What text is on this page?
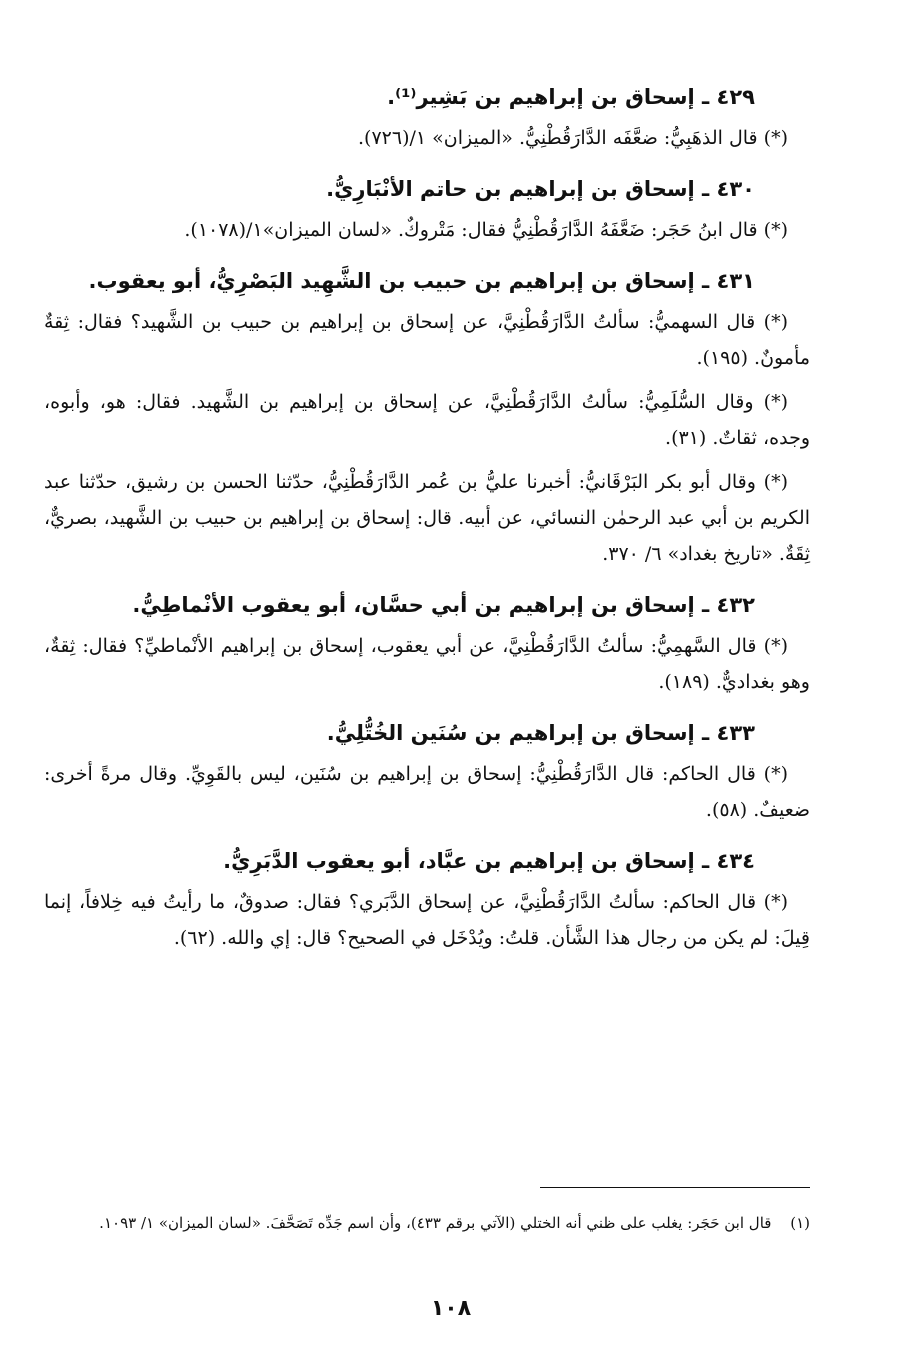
٤٢٩ ـ إسحاق بن إبراهيم بن بَشِير⁽¹⁾.

(*) قال الذهَبِيُّ: ضعَّفَه الدَّارَقُطْنِيُّ. «الميزان» ١/(٧٢٦).

٤٣٠ ـ إسحاق بن إبراهيم بن حاتم الأنْبَارِيُّ.

(*) قال ابنُ حَجَر: ضَعَّفَهُ الدَّارَقُطْنِيُّ فقال: مَتْروكٌ. «لسان الميزان»١/(١٠٧٨).

٤٣١ ـ إسحاق بن إبراهيم بن حبيب بن الشَّهِيد البَصْرِيُّ، أبو يعقوب.

(*) قال السهميُّ: سألتُ الدَّارَقُطْنِيَّ، عن إسحاق بن إبراهيم بن حبيب بن الشَّهيد؟ فقال: ثِقةٌ مأمونٌ. (١٩٥).

(*) وقال السُّلَمِيُّ: سألتُ الدَّارَقُطْنِيَّ، عن إسحاق بن إبراهيم بن الشَّهيد. فقال: هو، وأبوه، وجده، ثقاتٌ. (٣١).

(*) وقال أبو بكر البَرْقَانيُّ: أخبرنا عليُّ بن عُمر الدَّارَقُطْنِيُّ، حدّثنا الحسن بن رشيق، حدّثنا عبد الكريم بن أبي عبد الرحمٰن النسائي، عن أبيه. قال: إسحاق بن إبراهيم بن حبيب بن الشَّهيد، بصريٌّ، ثِقَةٌ. «تاريخ بغداد» ٦/ ٣٧٠.

٤٣٢ ـ إسحاق بن إبراهيم بن أبي حسَّان، أبو يعقوب الأنْماطِيُّ.

(*) قال السَّهمِيُّ: سألتُ الدَّارَقُطْنِيَّ، عن أبي يعقوب، إسحاق بن إبراهيم الأنْماطيِّ؟ فقال: ثِقةٌ، وهو بغداديٌّ. (١٨٩).

٤٣٣ ـ إسحاق بن إبراهيم بن سُنَين الخُتُّلِيُّ.

(*) قال الحاكم: قال الدَّارَقُطْنِيُّ: إسحاق بن إبراهيم بن سُنَين، ليس بالقَوِيِّ. وقال مرةً أخرى: ضعيفٌ. (٥٨).

٤٣٤ ـ إسحاق بن إبراهيم بن عبَّاد، أبو يعقوب الدَّبَرِيُّ.

(*) قال الحاكم: سألتُ الدَّارَقُطْنِيَّ، عن إسحاق الدَّبَري؟ فقال: صدوقٌ، ما رأيتُ فيه خِلافاً، إنما قِيلَ: لم يكن من رجال هذا الشَّأن. قلتُ: ويُدْخَل في الصحيح؟ قال: إي والله. (٦٢).

(١) قال ابن حَجَر: يغلب على ظني أنه الختلي (الآتي برقم ٤٣٣)، وأن اسم جَدِّه تَصَحَّفَ. «لسان الميزان» ١/ ١٠٩٣.
١٠٨
